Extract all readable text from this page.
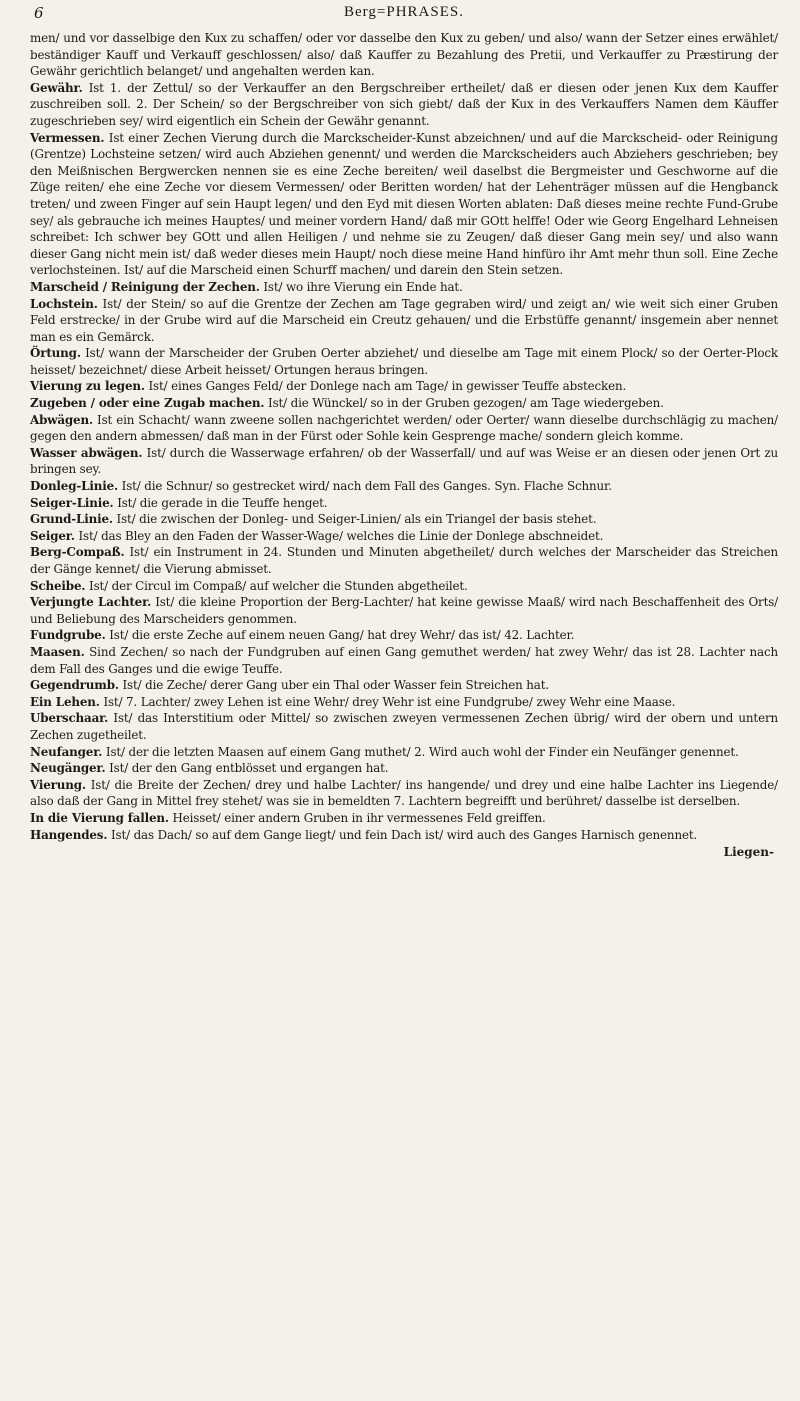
6	Berg=PHRASES.

men/ und vor dasselbige den Kux zu schaffen/ oder vor dasselbe den Kux zu geben/ und also/ wann der Setzer eines erwählet/ beständiger Kauff und Verkauff geschlossen/ also/ daß Kauffer zu Bezahlung des Pretii, und Verkauffer zu Præstirung der Gewähr gerichtlich belanget/ und angehalten werden kan.

Gewähr. Ist 1. der Zettul/ so der Verkauffer an den Bergschreiber ertheilet/ daß er diesen oder jenen Kux dem Kauffer zuschreiben soll. 2. Der Schein/ so der Bergschreiber von sich giebt/ daß der Kux in des Verkauffers Namen dem Käuffer zugeschrieben sey/ wird eigentlich ein Schein der Gewähr genannt.

Vermessen. Ist einer Zechen Vierung durch die Marckscheider-Kunst abzeichnen/ und auf die Marckscheid- oder Reinigung (Grentze) Lochsteine setzen/ wird auch Abziehen genennt/ und werden die Marckscheiders auch Abziehers geschrieben; bey den Meißnischen Bergwercken nennen sie es eine Zeche bereiten/ weil daselbst die Bergmeister und Geschworne auf die Züge reiten/ ehe eine Zeche vor diesem Vermessen/ oder Beritten worden/ hat der Lehenträger müssen auf die Hengbanck treten/ und zween Finger auf sein Haupt legen/ und den Eyd mit diesen Worten ablaten: Daß dieses meine rechte Fund-Grube sey/ als gebrauche ich meines Hauptes/ und meiner vordern Hand/ daß mir GOtt helffe! Oder wie Georg Engelhard Lehneisen schreibet: Ich schwer bey GOtt und allen Heiligen / und nehme sie zu Zeugen/ daß dieser Gang mein sey/ und also wann dieser Gang nicht mein ist/ daß weder dieses mein Haupt/ noch diese meine Hand hinfüro ihr Amt mehr thun soll. Eine Zeche verlochsteinen. Ist/ auf die Marscheid einen Schurff machen/ und darein den Stein setzen.

Marscheid / Reinigung der Zechen. Ist/ wo ihre Vierung ein Ende hat.

Lochstein. Ist/ der Stein/ so auf die Grentze der Zechen am Tage gegraben wird/ und zeigt an/ wie weit sich einer Gruben Feld erstrecke/ in der Grube wird auf die Marscheid ein Creutz gehauen/ und die Erbstüffe genannt/ insgemein aber nennet man es ein Gemärck.

Örtung. Ist/ wann der Marscheider der Gruben Oerter abziehet/ und dieselbe am Tage mit einem Plock/ so der Oerter-Plock heisset/ bezeichnet/ diese Arbeit heisset/ Ortungen heraus bringen.

Vierung zu legen. Ist/ eines Ganges Feld/ der Donlege nach am Tage/ in gewisser Teuffe abstecken.

Zugeben / oder eine Zugab machen. Ist/ die Wünckel/ so in der Gruben gezogen/ am Tage wiedergeben.

Abwägen. Ist ein Schacht/ wann zweene sollen nachgerichtet werden/ oder Oerter/ wann dieselbe durchschlägig zu machen/ gegen den andern abmessen/ daß man in der Fürst oder Sohle kein Gesprenge mache/ sondern gleich komme.

Wasser abwägen. Ist/ durch die Wasserwage erfahren/ ob der Wasserfall/ und auf was Weise er an diesen oder jenen Ort zu bringen sey.

Donleg-Linie. Ist/ die Schnur/ so gestrecket wird/ nach dem Fall des Ganges. Syn. Flache Schnur.

Seiger-Linie. Ist/ die gerade in die Teuffe henget.

Grund-Linie. Ist/ die zwischen der Donleg- und Seiger-Linien/ als ein Triangel der basis stehet.

Seiger. Ist/ das Bley an den Faden der Wasser-Wage/ welches die Linie der Donlege abschneidet.

Berg-Compaß. Ist/ ein Instrument in 24. Stunden und Minuten abgetheilet/ durch welches der Marscheider das Streichen der Gänge kennet/ die Vierung abmisset.

Scheibe. Ist/ der Circul im Compaß/ auf welcher die Stunden abgetheilet.

Verjungte Lachter. Ist/ die kleine Proportion der Berg-Lachter/ hat keine gewisse Maaß/ wird nach Beschaffenheit des Orts/ und Beliebung des Marscheiders genommen.

Fundgrube. Ist/ die erste Zeche auf einem neuen Gang/ hat drey Wehr/ das ist/ 42. Lachter.

Maasen. Sind Zechen/ so nach der Fundgruben auf einen Gang gemuthet werden/ hat zwey Wehr/ das ist 28. Lachter nach dem Fall des Ganges und die ewige Teuffe.

Gegendrumb. Ist/ die Zeche/ derer Gang uber ein Thal oder Wasser fein Streichen hat.

Ein Lehen. Ist/ 7. Lachter/ zwey Lehen ist eine Wehr/ drey Wehr ist eine Fundgrube/ zwey Wehr eine Maase.

Uberschaar. Ist/ das Interstitium oder Mittel/ so zwischen zweyen vermessenen Zechen übrig/ wird der obern und untern Zechen zugetheilet.

Neufanger. Ist/ der die letzten Maasen auf einem Gang muthet/ 2. Wird auch wohl der Finder ein Neufänger genennet.

Neugänger. Ist/ der den Gang entblösset und ergangen hat.

Vierung. Ist/ die Breite der Zechen/ drey und halbe Lachter/ ins hangende/ und drey und eine halbe Lachter ins Liegende/ also daß der Gang in Mittel frey stehet/ was sie in bemeldten 7. Lachtern begreifft und berühret/ dasselbe ist derselben.

In die Vierung fallen. Heisset/ einer andern Gruben in ihr vermessenes Feld greiffen.

Hangendes. Ist/ das Dach/ so auf dem Gange liegt/ und fein Dach ist/ wird auch des Ganges Harnisch genennet.

Liegen-
